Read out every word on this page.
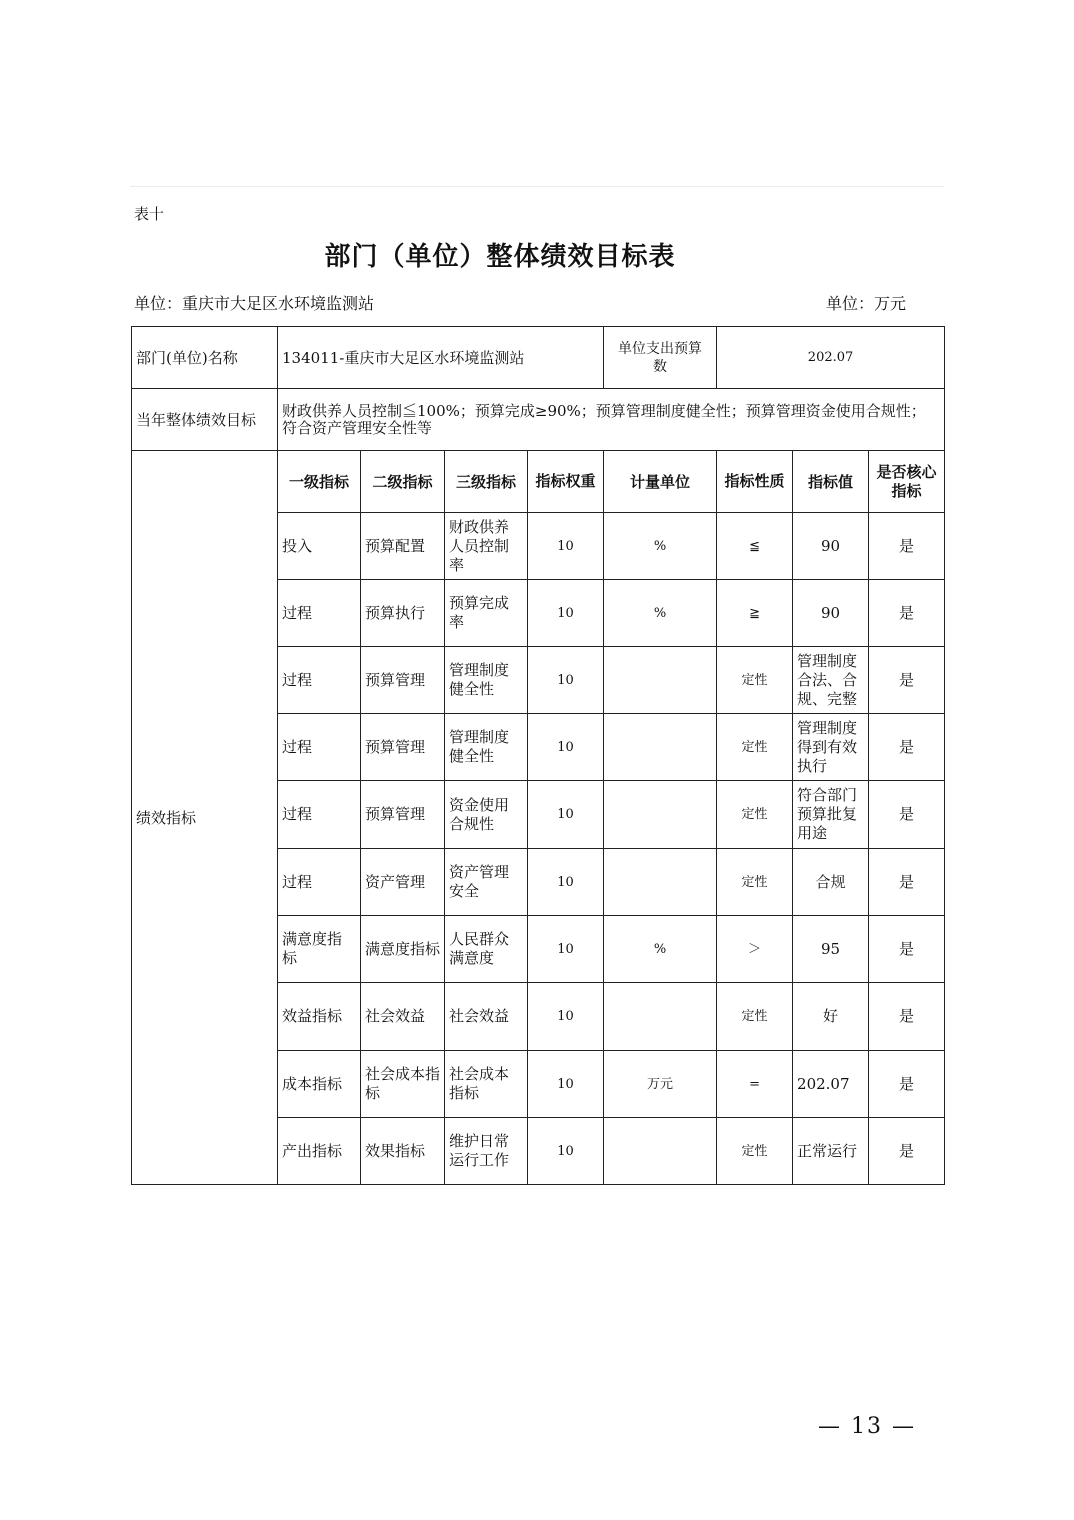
表十
部门（单位）整体绩效目标表
单位：重庆市大足区水环境监测站	单位：万元
部门(单位)名称	134011-重庆市大足区水环境监测站				单位支出预算数	202.07		
当年整体绩效目标	财政供养人员控制≦100%；预算完成≥90%；预算管理制度健全性；预算管理资金使用合规性；符合资产管理安全性等							
绩效指标	一级指标	二级指标	三级指标	指标权重	计量单位	指标性质	指标值	是否核心指标
	投入	预算配置	财政供养人员控制率	10	%	≦	90	是
	过程	预算执行	预算完成率	10	%	≧	90	是
	过程	预算管理	管理制度健全性	10		定性	管理制度合法、合规、完整	是
	过程	预算管理	管理制度健全性	10		定性	管理制度得到有效执行	是
	过程	预算管理	资金使用合规性	10		定性	符合部门预算批复用途	是
	过程	资产管理	资产管理安全	10		定性	合规	是
	满意度指标	满意度指标	人民群众满意度	10	%	＞	95	是
	效益指标	社会效益	社会效益	10		定性	好	是
	成本指标	社会成本指标	社会成本指标	10	万元	=	202.07	是
	产出指标	效果指标	维护日常运行工作	10		定性	正常运行	是
— 13 —
